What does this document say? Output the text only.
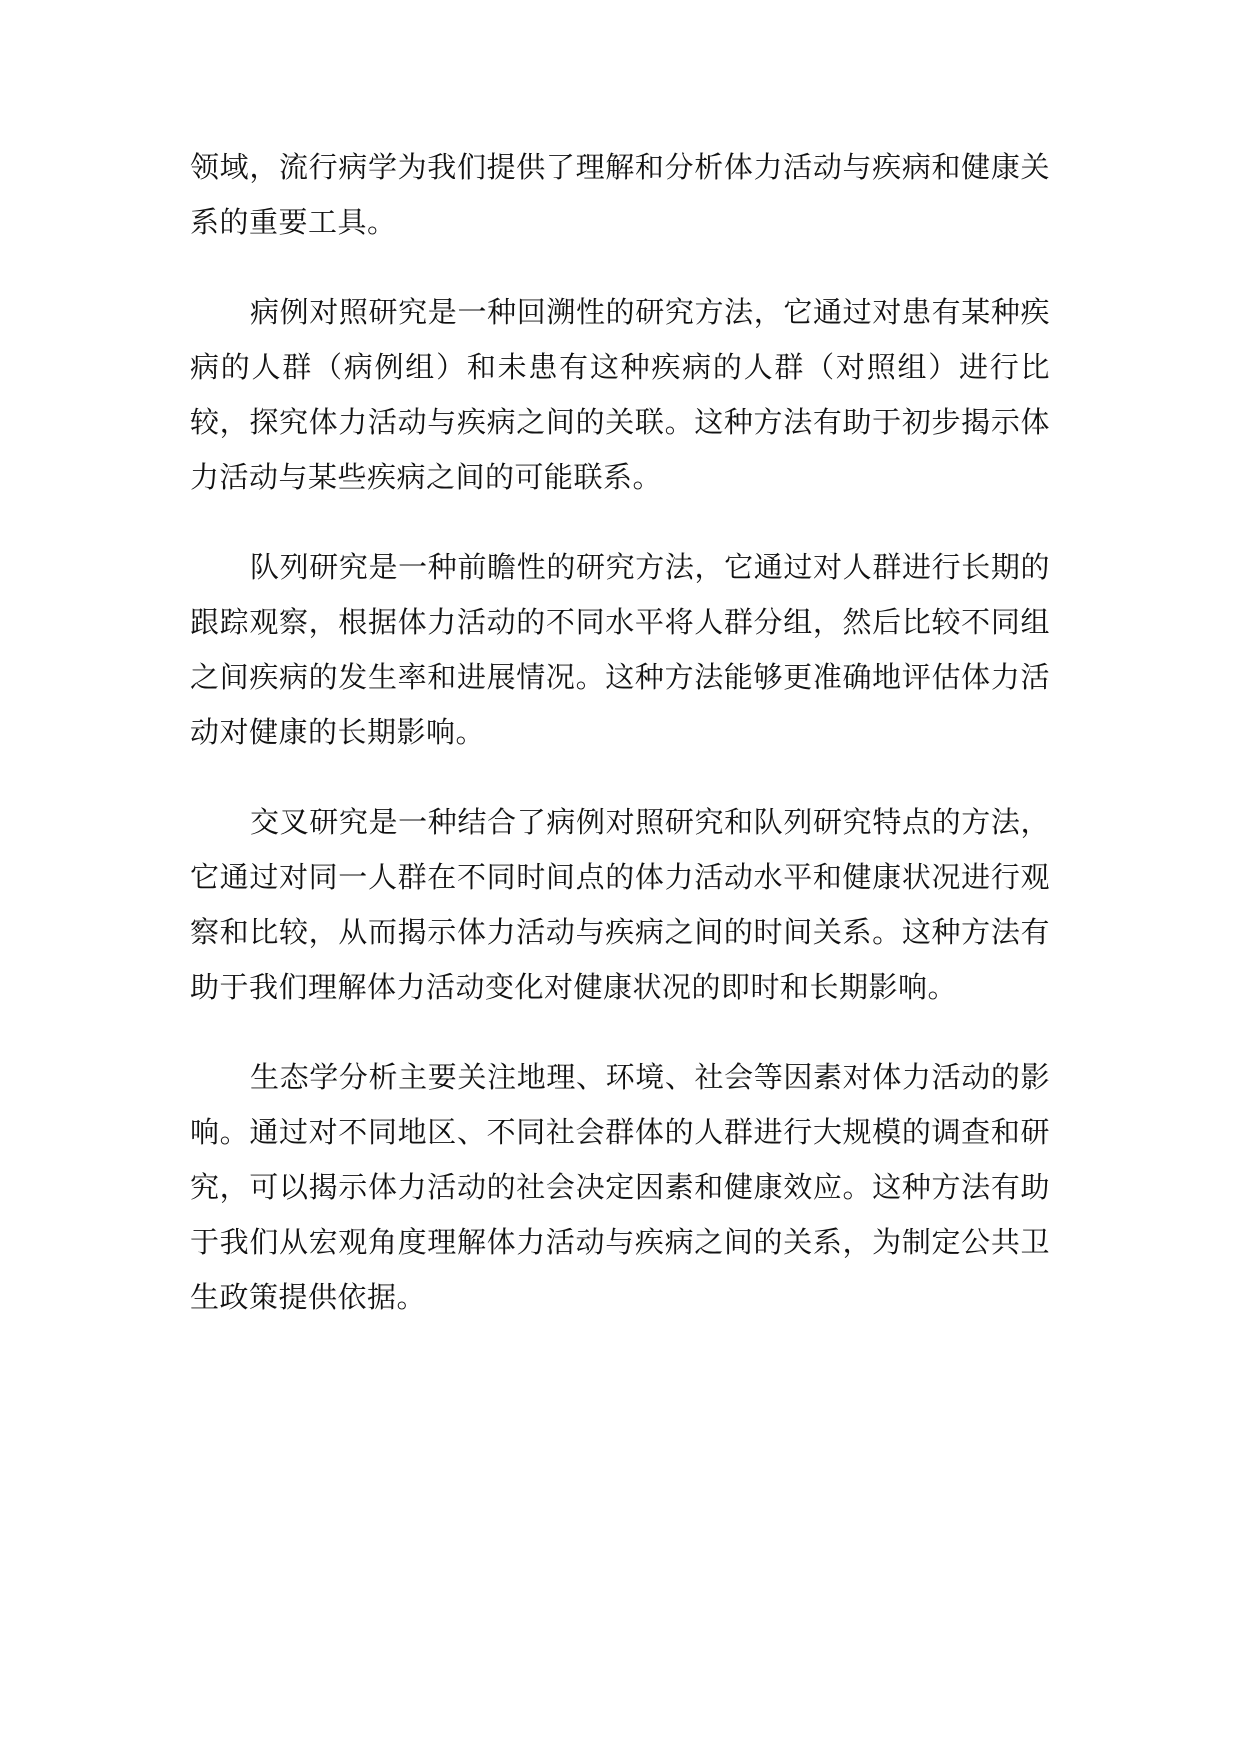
领域，流行病学为我们提供了理解和分析体力活动与疾病和健康关系的重要工具。

病例对照研究是一种回溯性的研究方法，它通过对患有某种疾病的人群（病例组）和未患有这种疾病的人群（对照组）进行比较，探究体力活动与疾病之间的关联。这种方法有助于初步揭示体力活动与某些疾病之间的可能联系。

队列研究是一种前瞻性的研究方法，它通过对人群进行长期的跟踪观察，根据体力活动的不同水平将人群分组，然后比较不同组之间疾病的发生率和进展情况。这种方法能够更准确地评估体力活动对健康的长期影响。

交叉研究是一种结合了病例对照研究和队列研究特点的方法，它通过对同一人群在不同时间点的体力活动水平和健康状况进行观察和比较，从而揭示体力活动与疾病之间的时间关系。这种方法有助于我们理解体力活动变化对健康状况的即时和长期影响。

生态学分析主要关注地理、环境、社会等因素对体力活动的影响。通过对不同地区、不同社会群体的人群进行大规模的调查和研究，可以揭示体力活动的社会决定因素和健康效应。这种方法有助于我们从宏观角度理解体力活动与疾病之间的关系，为制定公共卫生政策提供依据。
